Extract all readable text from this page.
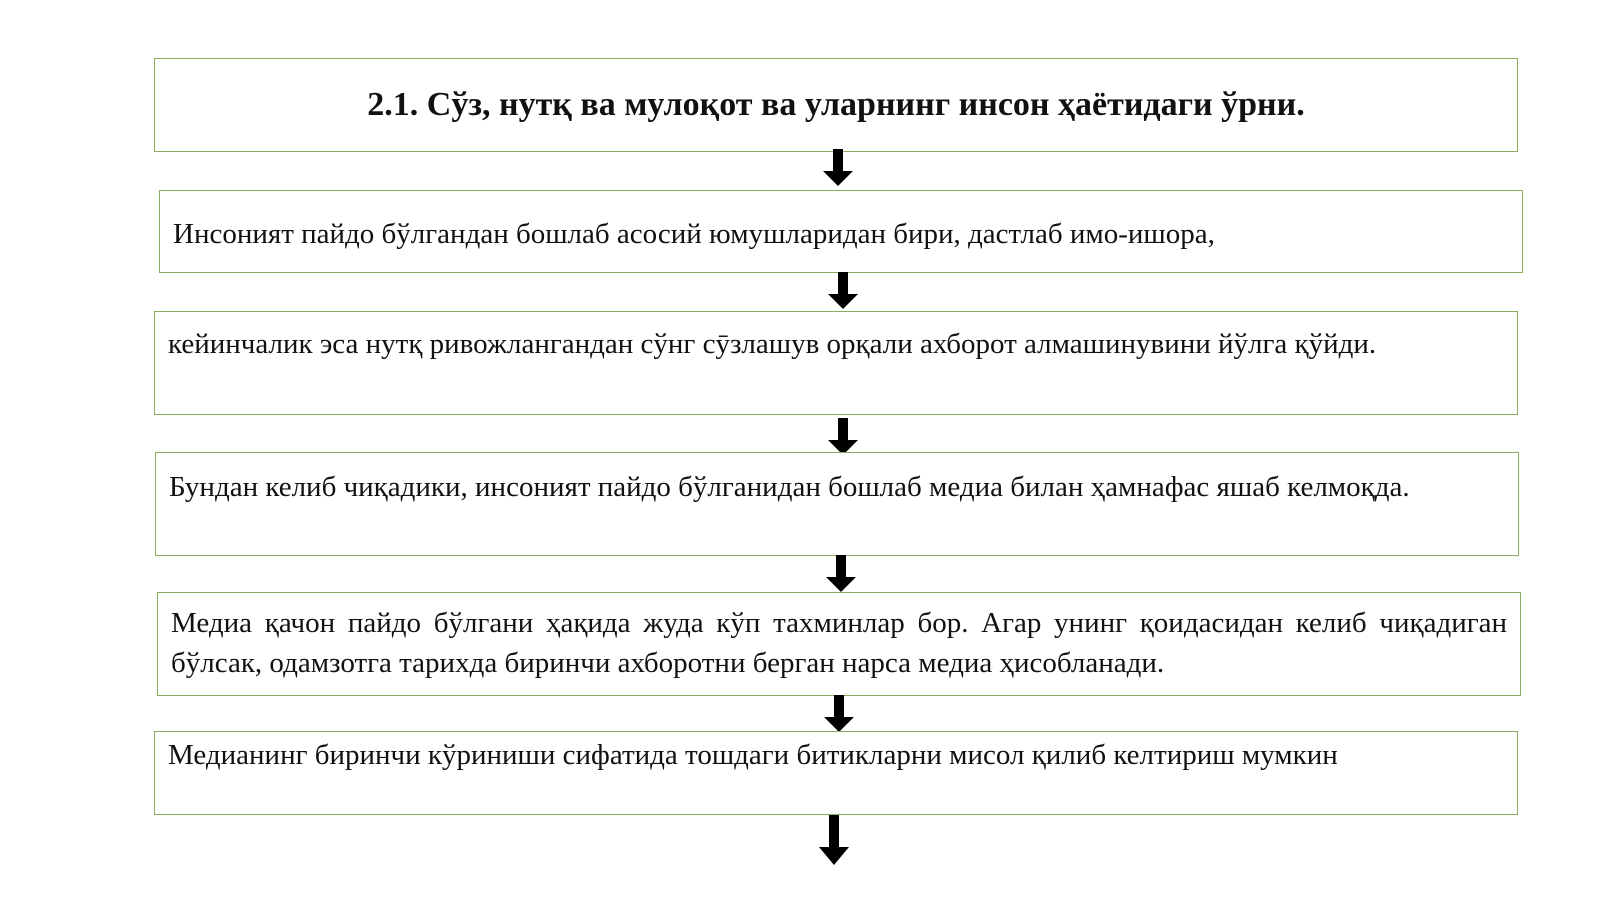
2.1. Сўз, нутқ ва мулоқот ва уларнинг инсон ҳаётидаги ўрни.

Инсоният пайдо бўлгандан бошлаб асосий юмушларидан бири, дастлаб имо-ишора,

кейинчалик эса нутқ ривожлангандан сўнг сӯзлашув орқали ахборот алмашинувини йўлга қўйди.

Бундан келиб чиқадики, инсоният пайдо бўлганидан бошлаб медиа билан ҳамнафас яшаб келмоқда.

Медиа қачон пайдо бўлгани ҳақида жуда кўп тахминлар бор. Агар унинг қоидасидан келиб чиқадиган бўлсак, одамзотга тарихда биринчи ахборотни берган нарса медиа ҳисобланади.

Медианинг биринчи кўриниши сифатида тошдаги битикларни мисол қилиб келтириш мумкин
